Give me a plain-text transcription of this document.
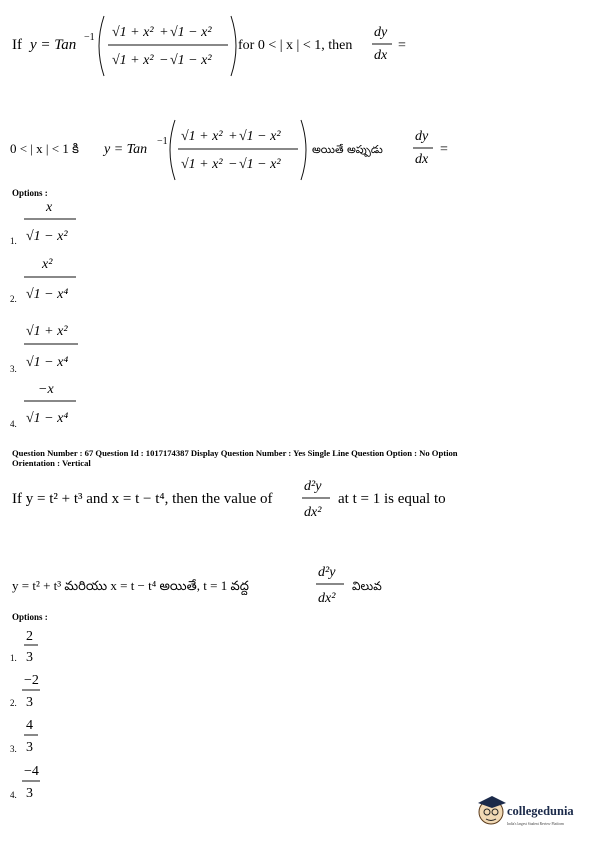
If y = Tan −1 √1 + x² + √1 − x²
√1 + x² − √1 − x²
for 0 < | x | < 1, then
dy
dx
=
0 < | x | < 1 కి y = Tan
−1 √1 + x² + √1 − x²
√1 + x² − √1 − x²
అయితే అప్పుడు
dy
dx
=
Options :
1.
x
√1 − x²
2.
x²
√1 − x⁴
3.
√1 + x²
√1 − x⁴
4.
−x
√1 − x⁴
Question Number : 67 Question Id : 1017174387 Display Question Number : Yes Single Line Question Option : No Option
Orientation : Vertical
If y = t² + t³ and x = t − t⁴, then the value of
d²y
dx²
at t = 1 is equal to
y = t² + t³ మరియు x = t − t⁴ అయితే, t = 1 వద్ద
d²y
dx²
విలువ
Options :
1.
2
3
2.
−2
3
3.
4
3
4.
−4
3
collegedunia
India's largest Student Review Platform
